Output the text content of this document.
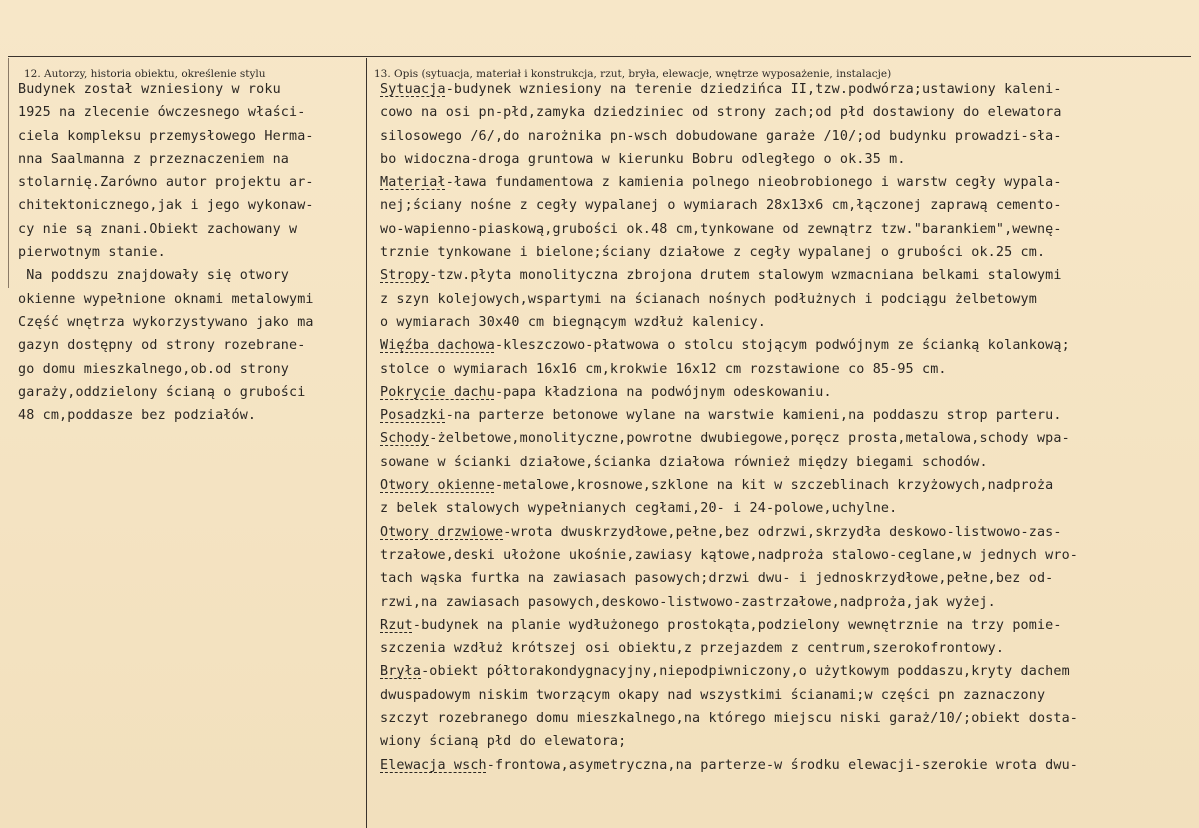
12. Autorzy, historia obiektu, określenie stylu	13. Opis (sytuacja, materiał i konstrukcja, rzut, bryła, elewacje, wnętrze wyposażenie, instalacje)
Budynek został wzniesiony w roku
1925 na zlecenie ówczesnego właści-
ciela kompleksu przemysłowego Herma-
nna Saalmanna z przeznaczeniem na
stolarnię.Zarówno autor projektu ar-
chitektonicznego,jak i jego wykonaw-
cy nie są znani.Obiekt zachowany w
pierwotnym stanie.
Na poddszu znajdowały się otwory
okienne wypełnione oknami metalowymi
Część wnętrza wykorzystywano jako ma
gazyn dostępny od strony rozebrane-
go domu mieszkalnego,ob.od strony
garaży,oddzielony ścianą o grubości
48 cm,poddasze bez podziałów.
Sytuacja-budynek wzniesiony na terenie dziedzińca II,tzw.podwórza;ustawiony kaleni-
cowo na osi pn-płd,zamyka dziedziniec od strony zach;od płd dostawiony do elewatora
silosowego /6/,do narożnika pn-wsch dobudowane garaże /10/;od budynku prowadzi-sła-
bo widoczna-droga gruntowa w kierunku Bobru odległego o ok.35 m.
Materiał-ława fundamentowa z kamienia polnego nieobrobionego i warstw cegły wypala-
nej;ściany nośne z cegły wypalanej o wymiarach 28x13x6 cm,łączonej zaprawą cemento-
wo-wapienno-piaskową,grubości ok.48 cm,tynkowane od zewnątrz tzw."barankiem",wewnę-
trznie tynkowane i bielone;ściany działowe z cegły wypalanej o grubości ok.25 cm.
Stropy-tzw.płyta monolityczna zbrojona drutem stalowym wzmacniana belkami stalowymi
z szyn kolejowych,wspartymi na ścianach nośnych podłużnych i podciągu żelbetowym
o wymiarach 30x40 cm biegnącym wzdłuż kalenicy.
Więźba dachowa-kleszczowo-płatwowa o stolcu stojącym podwójnym ze ścianką kolankową;
stolce o wymiarach 16x16 cm,krokwie 16x12 cm rozstawione co 85-95 cm.
Pokrycie dachu-papa kładziona na podwójnym odeskowaniu.
Posadzki-na parterze betonowe wylane na warstwie kamieni,na poddaszu strop parteru.
Schody-żelbetowe,monolityczne,powrotne dwubiegowe,poręcz prosta,metalowa,schody wpa-
sowane w ścianki działowe,ścianka działowa również między biegami schodów.
Otwory okienne-metalowe,krosnowe,szklone na kit w szczeblinach krzyżowych,nadproża
z belek stalowych wypełnianych cegłami,20- i 24-polowe,uchylne.
Otwory drzwiowe-wrota dwuskrzydłowe,pełne,bez odrzwi,skrzydła deskowo-listwowo-zas-
trzałowe,deski ułożone ukośnie,zawiasy kątowe,nadproża stalowo-ceglane,w jednych wro-
tach wąska furtka na zawiasach pasowych;drzwi dwu- i jednoskrzydłowe,pełne,bez od-
rzwi,na zawiasach pasowych,deskowo-listwowo-zastrzałowe,nadproża,jak wyżej.
Rzut-budynek na planie wydłużonego prostokąta,podzielony wewnętrznie na trzy pomie-
szczenia wzdłuż krótszej osi obiektu,z przejazdem z centrum,szerokofrontowy.
Bryła-obiekt półtorakondygnacyjny,niepodpiwniczony,o użytkowym poddaszu,kryty dachem
dwuspadowym niskim tworzącym okapy nad wszystkimi ścianami;w części pn zaznaczony
szczyt rozebranego domu mieszkalnego,na którego miejscu niski garaż/10/;obiekt dosta-
wiony ścianą płd do elewatora;
Elewacja wsch-frontowa,asymetryczna,na parterze-w środku elewacji-szerokie wrota dwu-
